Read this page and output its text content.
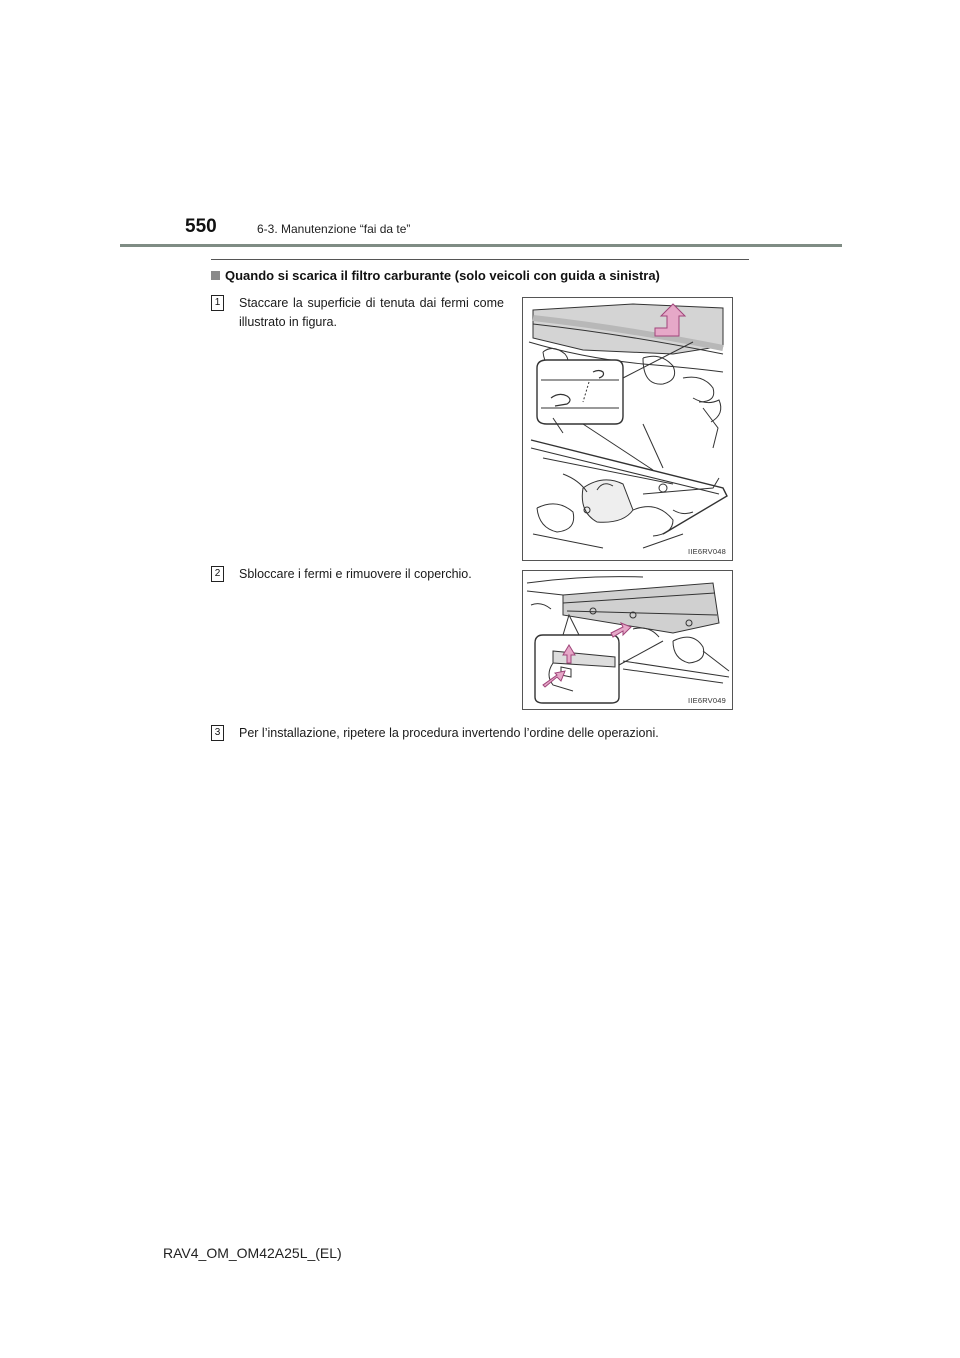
550	6-3. Manutenzione “fai da te”
Quando si scarica il filtro carburante (solo veicoli con guida a sinistra)
1 Staccare la superficie di tenuta dai fermi come illustrato in figura.
IIE6RV048
2 Sbloccare i fermi e rimuovere il coperchio.
IIE6RV049
3 Per l’installazione, ripetere la procedura invertendo l’ordine delle operazioni.
RAV4_OM_OM42A25L_(EL)
